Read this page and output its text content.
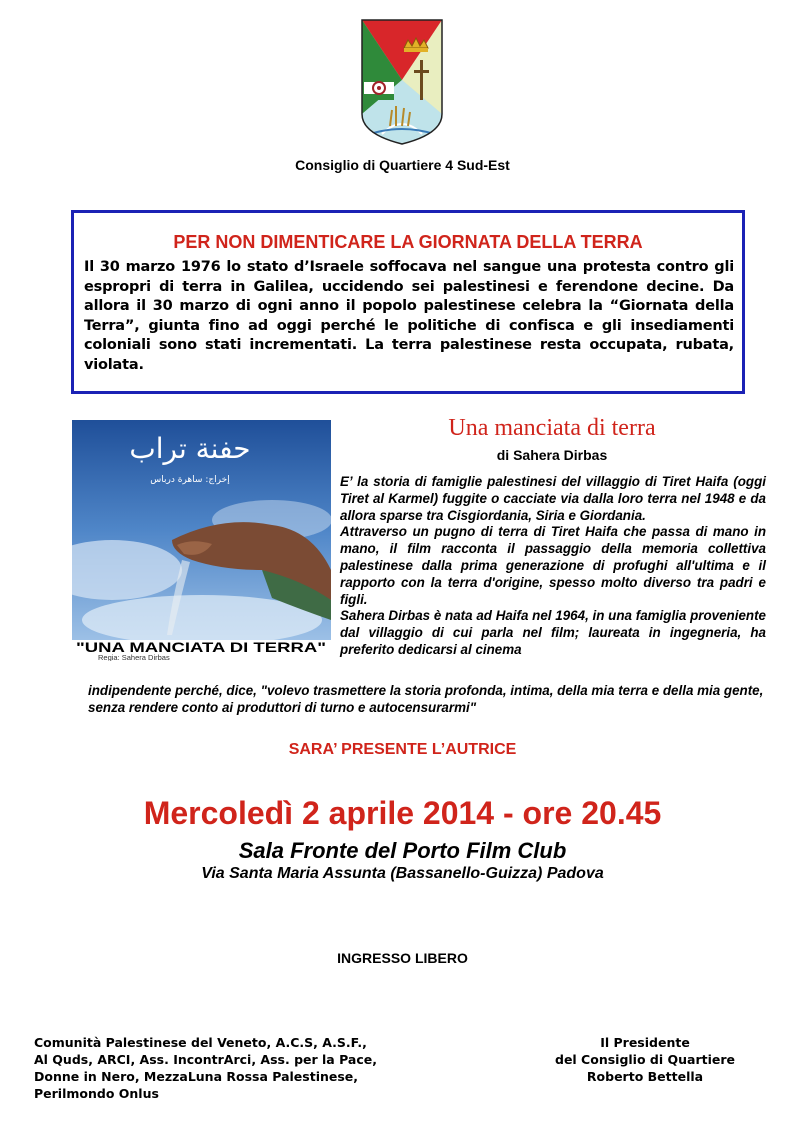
Consiglio di Quartiere 4 Sud-Est
PER NON DIMENTICARE LA GIORNATA DELLA TERRA

Il 30 marzo 1976 lo stato d’Israele soffocava nel sangue una protesta contro gli espropri di terra in Galilea, uccidendo sei palestinesi e ferendone decine. Da allora il 30 marzo di ogni anno il popolo palestinese celebra la “Giornata della Terra”, giunta fino ad oggi perché le politiche di confisca e gli insediamenti coloniali sono stati incrementati. La terra palestinese resta occupata, rubata, violata.

حفنة تراب
إخراج: ساهرة درباس
"UNA MANCIATA DI TERRA"
Regia: Sahera Dirbas
Una manciata di terra
di Sahera Dirbas

E’ la storia di famiglie palestinesi del villaggio di Tiret Haifa (oggi Tiret al Karmel) fuggite o cacciate via dalla loro terra nel 1948 e da allora sparse tra Cisgiordania, Siria e Giordania.

Attraverso un pugno di terra di Tiret Haifa che passa di mano in mano, il film racconta il passaggio della memoria collettiva palestinese dalla prima generazione di profughi all'ultima e il rapporto con la terra d'origine, spesso molto diverso tra padri e figli.

Sahera Dirbas è nata ad Haifa nel 1964, in una famiglia proveniente dal villaggio di cui parla nel film; laureata in ingegneria, ha preferito dedicarsi al cinema

indipendente perché, dice, "volevo trasmettere la storia profonda, intima, della mia terra e della mia gente, senza rendere conto ai produttori di turno e autocensurarmi"
SARA’ PRESENTE L’AUTRICE
Mercoledì 2 aprile 2014 - ore 20.45
Sala Fronte del Porto Film Club
Via Santa Maria Assunta (Bassanello-Guizza) Padova
INGRESSO LIBERO
Comunità Palestinese del Veneto, A.C.S, A.S.F.,
Al Quds, ARCI, Ass. IncontrArci, Ass. per la Pace,
Donne in Nero, MezzaLuna Rossa Palestinese,
Perilmondo Onlus
Il Presidente
del Consiglio di Quartiere
Roberto Bettella
